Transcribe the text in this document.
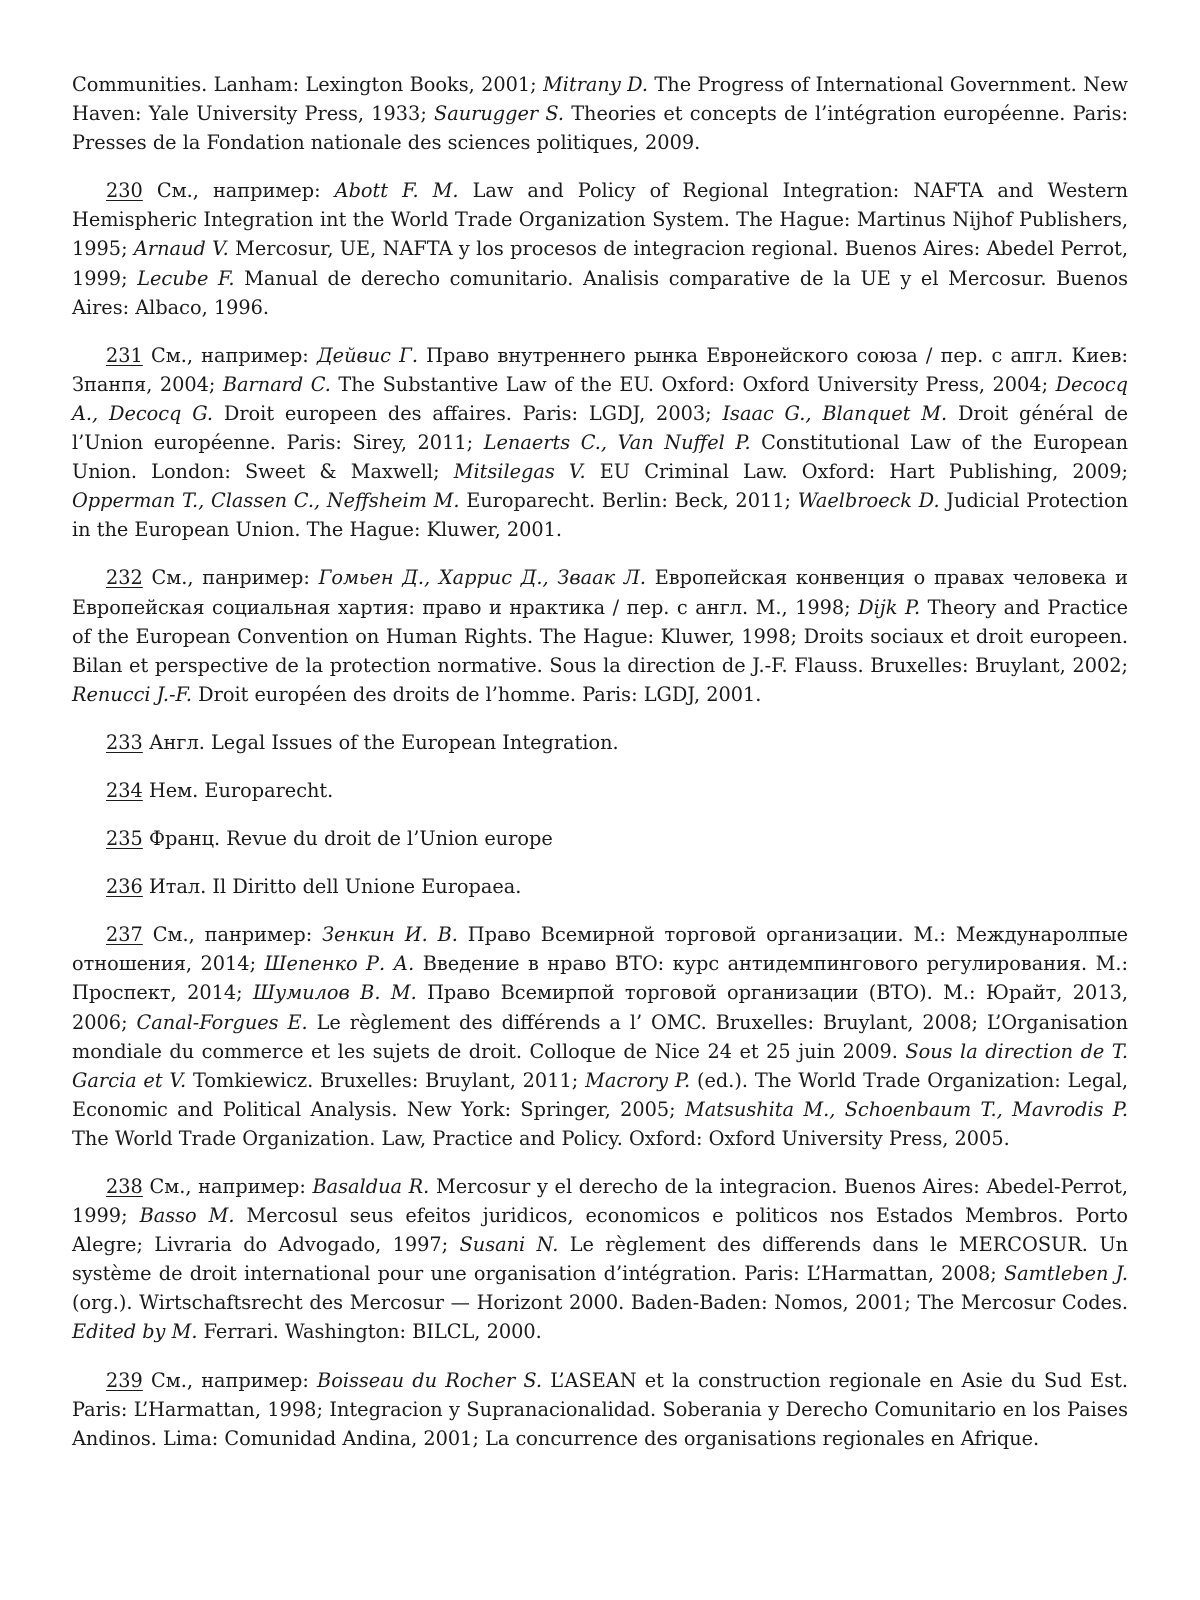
Communities. Lanham: Lexington Books, 2001; Mitrany D. The Progress of International Government. New Haven: Yale University Press, 1933; Saurugger S. Theories et concepts de l’intégration européenne. Paris: Presses de la Fondation nationale des sciences politiques, 2009.

230 См., например: Abott F. M. Law and Policy of Regional Integration: NAFTA and Western Hemispheric Integration int the World Trade Organization System. The Hague: Martinus Nijhof Publishers, 1995; Arnaud V. Mercosur, UE, NAFTA y los procesos de integracion regional. Buenos Aires: Abedel Perrot, 1999; Lecube F. Manual de derecho comunitario. Analisis comparative de la UE y el Mercosur. Buenos Aires: Albaco, 1996.

231 См., например: Дейвис Г. Право внутреннего рынка Евронейского союза / пер. с апгл. Киев: Зпанпя, 2004; Barnard C. The Substantive Law of the EU. Oxford: Oxford University Press, 2004; Decocq A., Decocq G. Droit europeen des affaires. Paris: LGDJ, 2003; Isaac G., Blanquet M. Droit général de l’Union européenne. Paris: Sirey, 2011; Lenaerts C., Van Nuffel P. Constitutional Law of the European Union. London: Sweet & Maxwell; Mitsilegas V. EU Criminal Law. Oxford: Hart Publishing, 2009; Opperman T., Classen C., Neffsheim M. Europarecht. Berlin: Beck, 2011; Waelbroeck D. Judicial Protection in the European Union. The Hague: Kluwer, 2001.

232 См., панример: Гомьен Д., Харрис Д., Зваак Л. Европейская конвенция о правах человека и Европейская социальная хартия: право и нрактика / пер. с англ. М., 1998; Dijk P. Theory and Practice of the European Convention on Human Rights. The Hague: Kluwer, 1998; Droits sociaux et droit europeen. Bilan et perspective de la protection normative. Sous la direction de J.-F. Flauss. Bruxelles: Bruylant, 2002; Renucci J.-F. Droit européen des droits de l’homme. Paris: LGDJ, 2001.

233 Англ. Legal Issues of the European Integration.

234 Нем. Europarecht.

235 Франц. Revue du droit de l’Union europe

236 Итал. Il Diritto dell Unione Europaea.

237 См., панример: Зенкин И. В. Право Всемирной торговой организации. М.: Междунаролпые отношения, 2014; Шепенко Р. А. Введение в нраво ВТО: курс антидемпингового регулирования. М.: Проспект, 2014; Шумилов В. М. Право Всемирпой торговой организации (ВТО). М.: Юрайт, 2013, 2006; Canal-Forgues E. Le règlement des différends a l’ OMC. Bruxelles: Bruylant, 2008; L’Organisation mondiale du commerce et les sujets de droit. Colloque de Nice 24 et 25 juin 2009. Sous la direction de T. Garcia et V. Tomkiewicz. Bruxelles: Bruylant, 2011; Macrory P. (ed.). The World Trade Organization: Legal, Economic and Political Analysis. New York: Springer, 2005; Matsushita M., Schoenbaum T., Mavrodis P. The World Trade Organization. Law, Practice and Policy. Oxford: Oxford University Press, 2005.

238 См., например: Basaldua R. Mercosur y el derecho de la integracion. Buenos Aires: Abedel-Perrot, 1999; Basso M. Mercosul seus efeitos juridicos, economicos e politicos nos Estados Membros. Porto Alegre; Livraria do Advogado, 1997; Susani N. Le règlement des differends dans le MERCOSUR. Un système de droit international pour une organisation d’intégration. Paris: L’Harmattan, 2008; Samtleben J. (org.). Wirtschaftsrecht des Mercosur — Horizont 2000. Baden-Baden: Nomos, 2001; The Mercosur Codes. Edited by M. Ferrari. Washington: BILCL, 2000.

239 См., например: Boisseau du Rocher S. L’ASEAN et la construction regionale en Asie du Sud Est. Paris: L’Harmattan, 1998; Integracion y Supranacionalidad. Soberania y Derecho Comunitario en los Paises Andinos. Lima: Comunidad Andina, 2001; La concurrence des organisations regionales en Afrique.
